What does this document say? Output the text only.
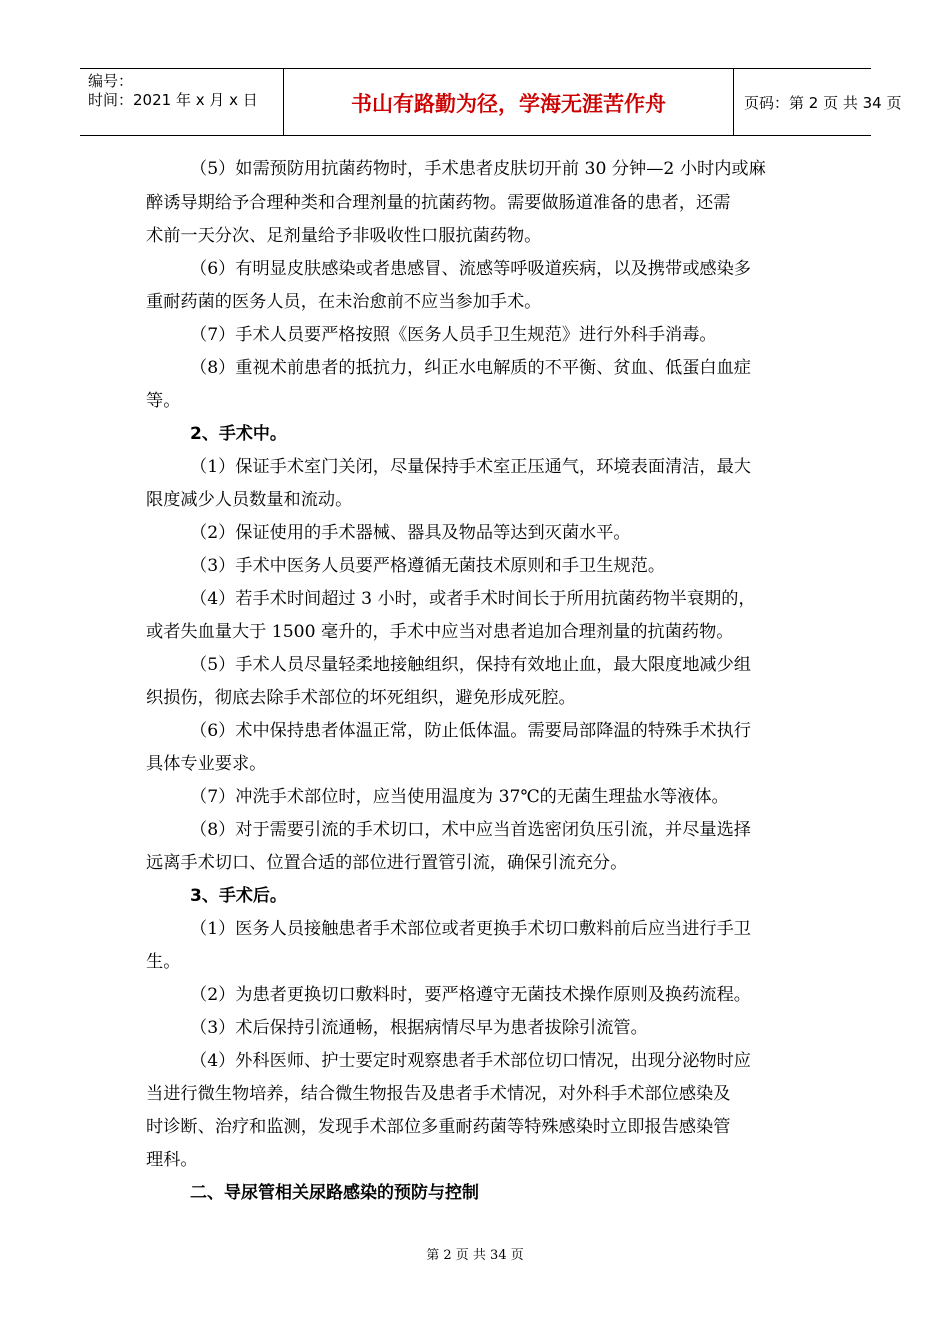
编号：
时间：2021 年 x 月 x 日	书山有路勤为径，学海无涯苦作舟	页码：第 2 页 共 34 页
（5）如需预防用抗菌药物时，手术患者皮肤切开前 30 分钟—2 小时内或麻
醉诱导期给予合理种类和合理剂量的抗菌药物。需要做肠道准备的患者，还需
术前一天分次、足剂量给予非吸收性口服抗菌药物。
（6）有明显皮肤感染或者患感冒、流感等呼吸道疾病，以及携带或感染多
重耐药菌的医务人员，在未治愈前不应当参加手术。
（7）手术人员要严格按照《医务人员手卫生规范》进行外科手消毒。
（8）重视术前患者的抵抗力，纠正水电解质的不平衡、贫血、低蛋白血症
等。
2、手术中。
（1）保证手术室门关闭，尽量保持手术室正压通气，环境表面清洁，最大
限度减少人员数量和流动。
（2）保证使用的手术器械、器具及物品等达到灭菌水平。
（3）手术中医务人员要严格遵循无菌技术原则和手卫生规范。
（4）若手术时间超过 3 小时，或者手术时间长于所用抗菌药物半衰期的，
或者失血量大于 1500 毫升的，手术中应当对患者追加合理剂量的抗菌药物。
（5）手术人员尽量轻柔地接触组织，保持有效地止血，最大限度地减少组
织损伤，彻底去除手术部位的坏死组织，避免形成死腔。
（6）术中保持患者体温正常，防止低体温。需要局部降温的特殊手术执行
具体专业要求。
（7）冲洗手术部位时，应当使用温度为 37℃的无菌生理盐水等液体。
（8）对于需要引流的手术切口，术中应当首选密闭负压引流，并尽量选择
远离手术切口、位置合适的部位进行置管引流，确保引流充分。
3、手术后。
（1）医务人员接触患者手术部位或者更换手术切口敷料前后应当进行手卫
生。
（2）为患者更换切口敷料时，要严格遵守无菌技术操作原则及换药流程。
（3）术后保持引流通畅，根据病情尽早为患者拔除引流管。
（4）外科医师、护士要定时观察患者手术部位切口情况，出现分泌物时应
当进行微生物培养，结合微生物报告及患者手术情况，对外科手术部位感染及
时诊断、治疗和监测，发现手术部位多重耐药菌等特殊感染时立即报告感染管
理科。
二、导尿管相关尿路感染的预防与控制
第 2 页 共 34 页
